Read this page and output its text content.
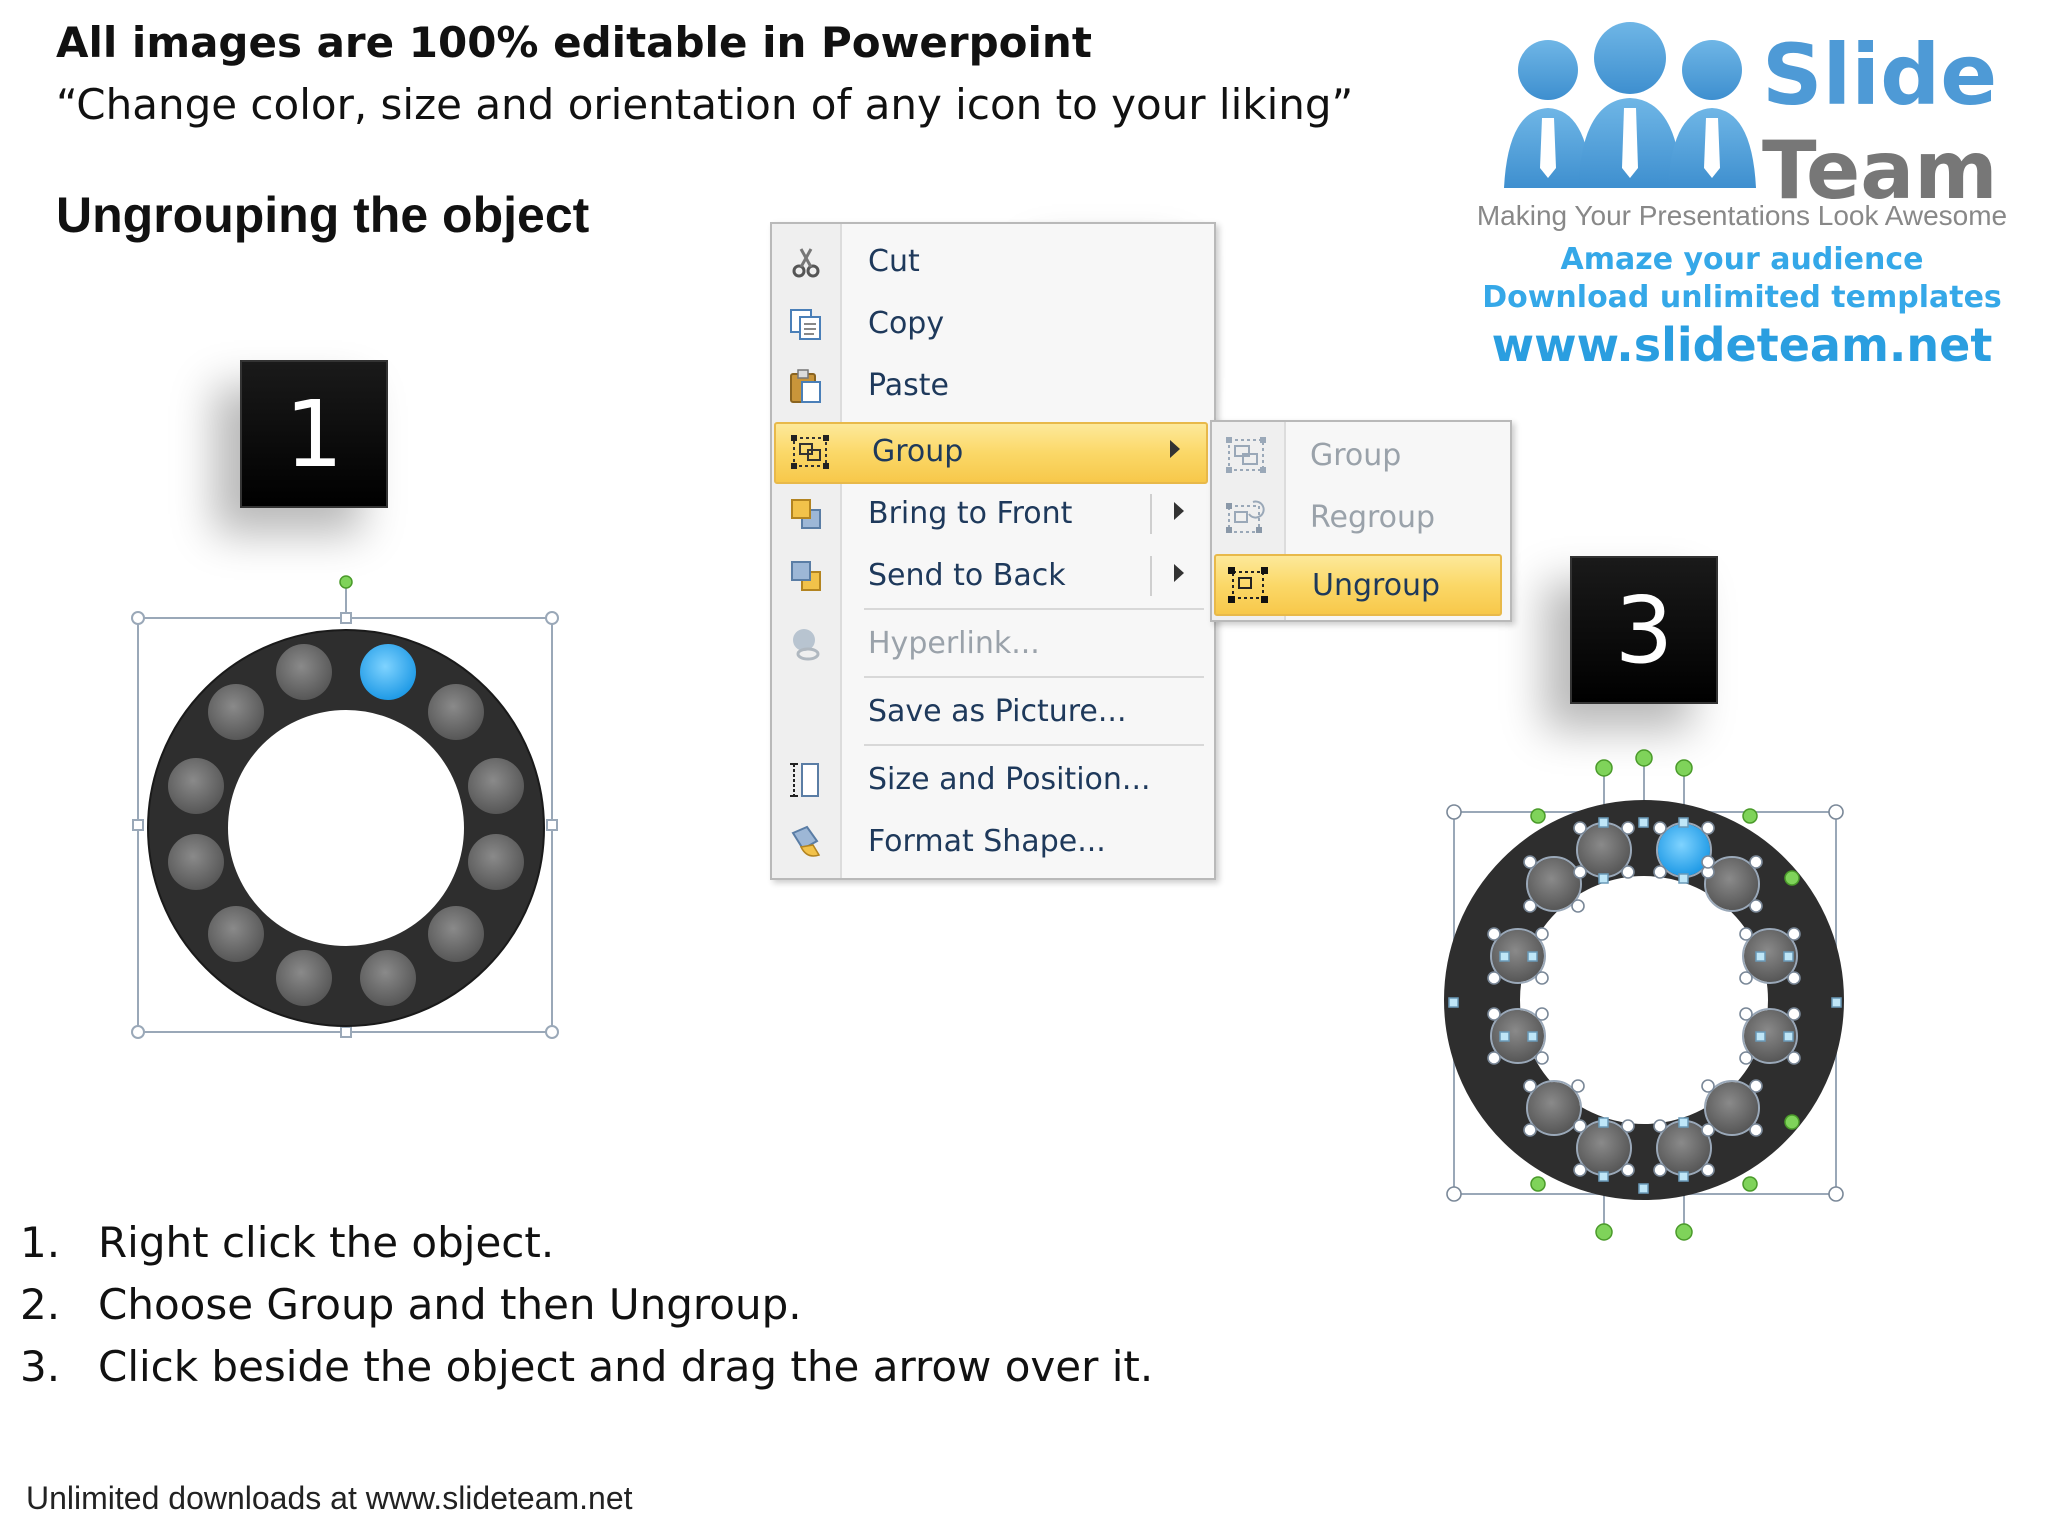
All images are 100% editable in Powerpoint
“Change color, size and orientation of any icon to your liking”
Ungrouping the object
Slide
Team
Making Your Presentations Look Awesome
Amaze your audience
Download unlimited templates
www.slideteam.net
1
3
Cut
Copy
Paste
Group
Bring to Front
Send to Back
Hyperlink...
Save as Picture...
Size and Position...
Format Shape...
Group
Regroup
Ungroup
1. Right click the object.
2. Choose Group and then Ungroup.
3. Click beside the object and drag the arrow over it.
Unlimited downloads at www.slideteam.net
